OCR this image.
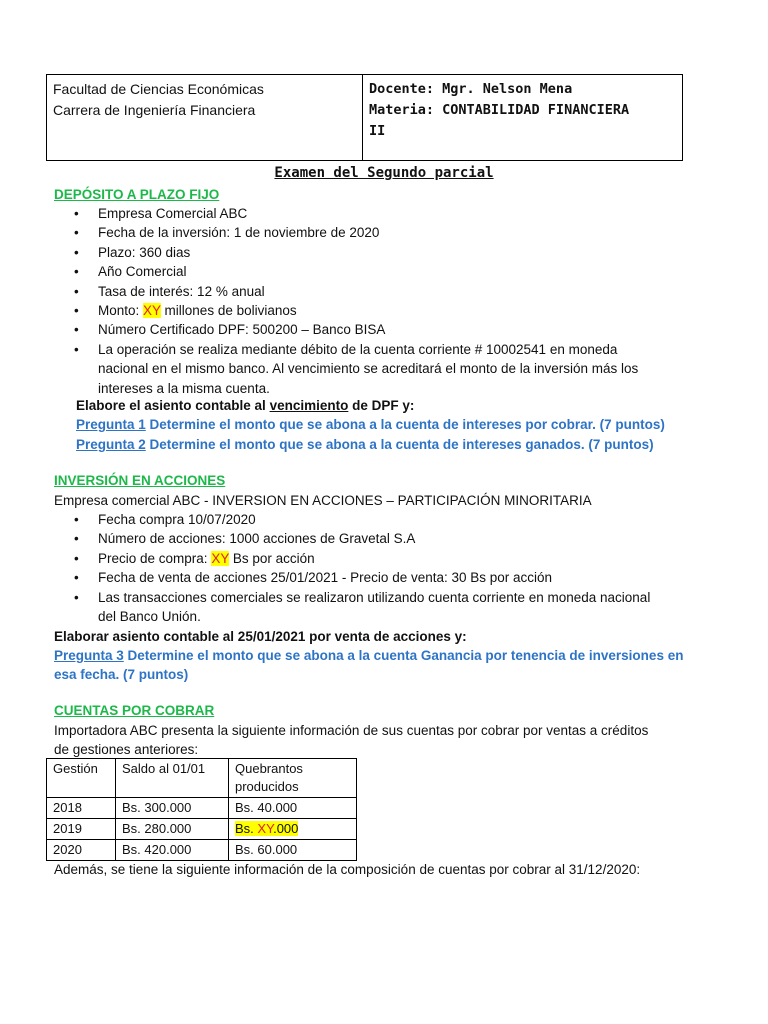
Facultad de Ciencias Económicas
Carrera de Ingeniería Financiera
Docente: Mgr. Nelson Mena
Materia: CONTABILIDAD FINANCIERA
II
Examen del Segundo parcial
DEPÓSITO A PLAZO FIJO
• Empresa Comercial ABC
• Fecha de la inversión: 1 de noviembre de 2020
• Plazo: 360 dias
• Año Comercial
• Tasa de interés: 12 % anual
• Monto: XY millones de bolivianos
• Número Certificado DPF: 500200 – Banco BISA
• La operación se realiza mediante débito de la cuenta corriente # 10002541 en moneda
nacional en el mismo banco. Al vencimiento se acreditará el monto de la inversión más los
intereses a la misma cuenta.
Elabore el asiento contable al vencimiento de DPF y:
Pregunta 1 Determine el monto que se abona a la cuenta de intereses por cobrar. (7 puntos)
Pregunta 2 Determine el monto que se abona a la cuenta de intereses ganados. (7 puntos)
INVERSIÓN EN ACCIONES
Empresa comercial ABC - INVERSION EN ACCIONES – PARTICIPACIÓN MINORITARIA
• Fecha compra 10/07/2020
• Número de acciones: 1000 acciones de Gravetal S.A
• Precio de compra: XY Bs por acción
• Fecha de venta de acciones 25/01/2021 - Precio de venta: 30 Bs por acción
• Las transacciones comerciales se realizaron utilizando cuenta corriente en moneda nacional
del Banco Unión.
Elaborar asiento contable al 25/01/2021 por venta de acciones y:
Pregunta 3 Determine el monto que se abona a la cuenta Ganancia por tenencia de inversiones en
esa fecha. (7 puntos)
CUENTAS POR COBRAR
Importadora ABC presenta la siguiente información de sus cuentas por cobrar por ventas a créditos
de gestiones anteriores:
Gestión	Saldo al 01/01	Quebrantos producidos
2018	Bs. 300.000	Bs. 40.000
2019	Bs. 280.000	Bs. XY.000
2020	Bs. 420.000	Bs. 60.000
Además, se tiene la siguiente información de la composición de cuentas por cobrar al 31/12/2020:
